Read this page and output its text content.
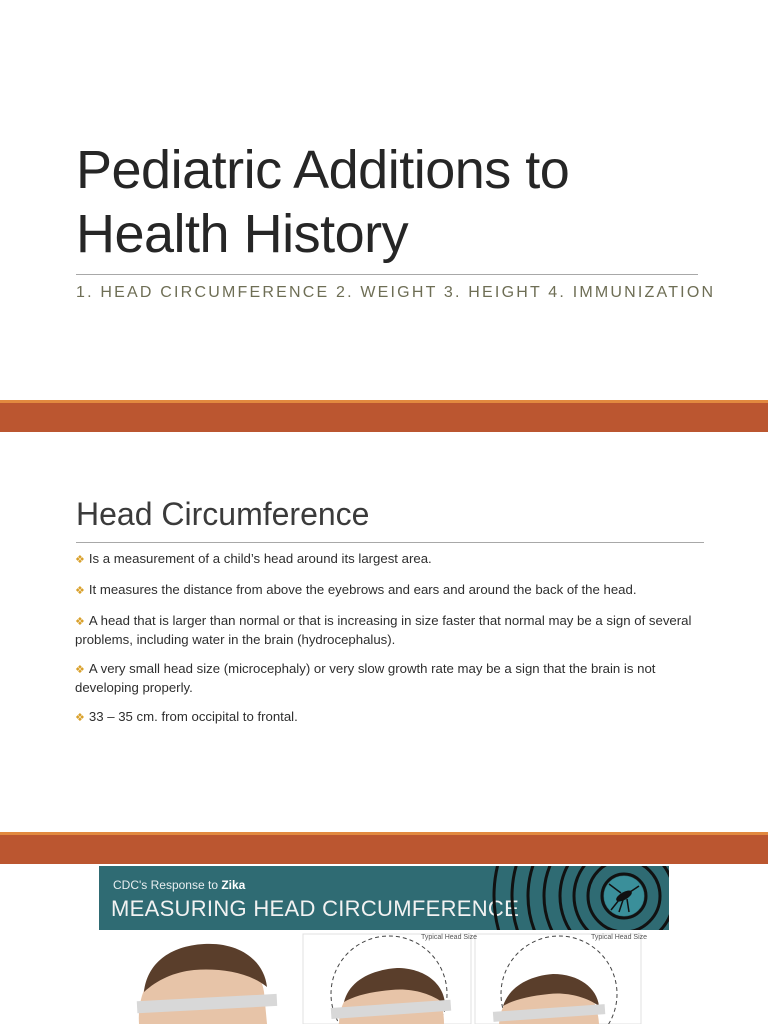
Pediatric Additions to
Health History
1. HEAD CIRCUMFERENCE 2. WEIGHT 3. HEIGHT 4. IMMUNIZATION
Head Circumference
❖ Is a measurement of a child’s head around its largest area.
❖ It measures the distance from above the eyebrows and ears and around the back of the head.
❖ A head that is larger than normal or that is increasing in size faster that normal may be a sign of several problems, including water in the brain (hydrocephalus).
❖ A very small head size (microcephaly) or very slow growth rate may be a sign that the brain is not developing properly.
❖ 33 – 35 cm. from occipital to frontal.
CDC's Response to Zika
MEASURING HEAD CIRCUMFERENCE
Typical Head Size	Typical Head Size
